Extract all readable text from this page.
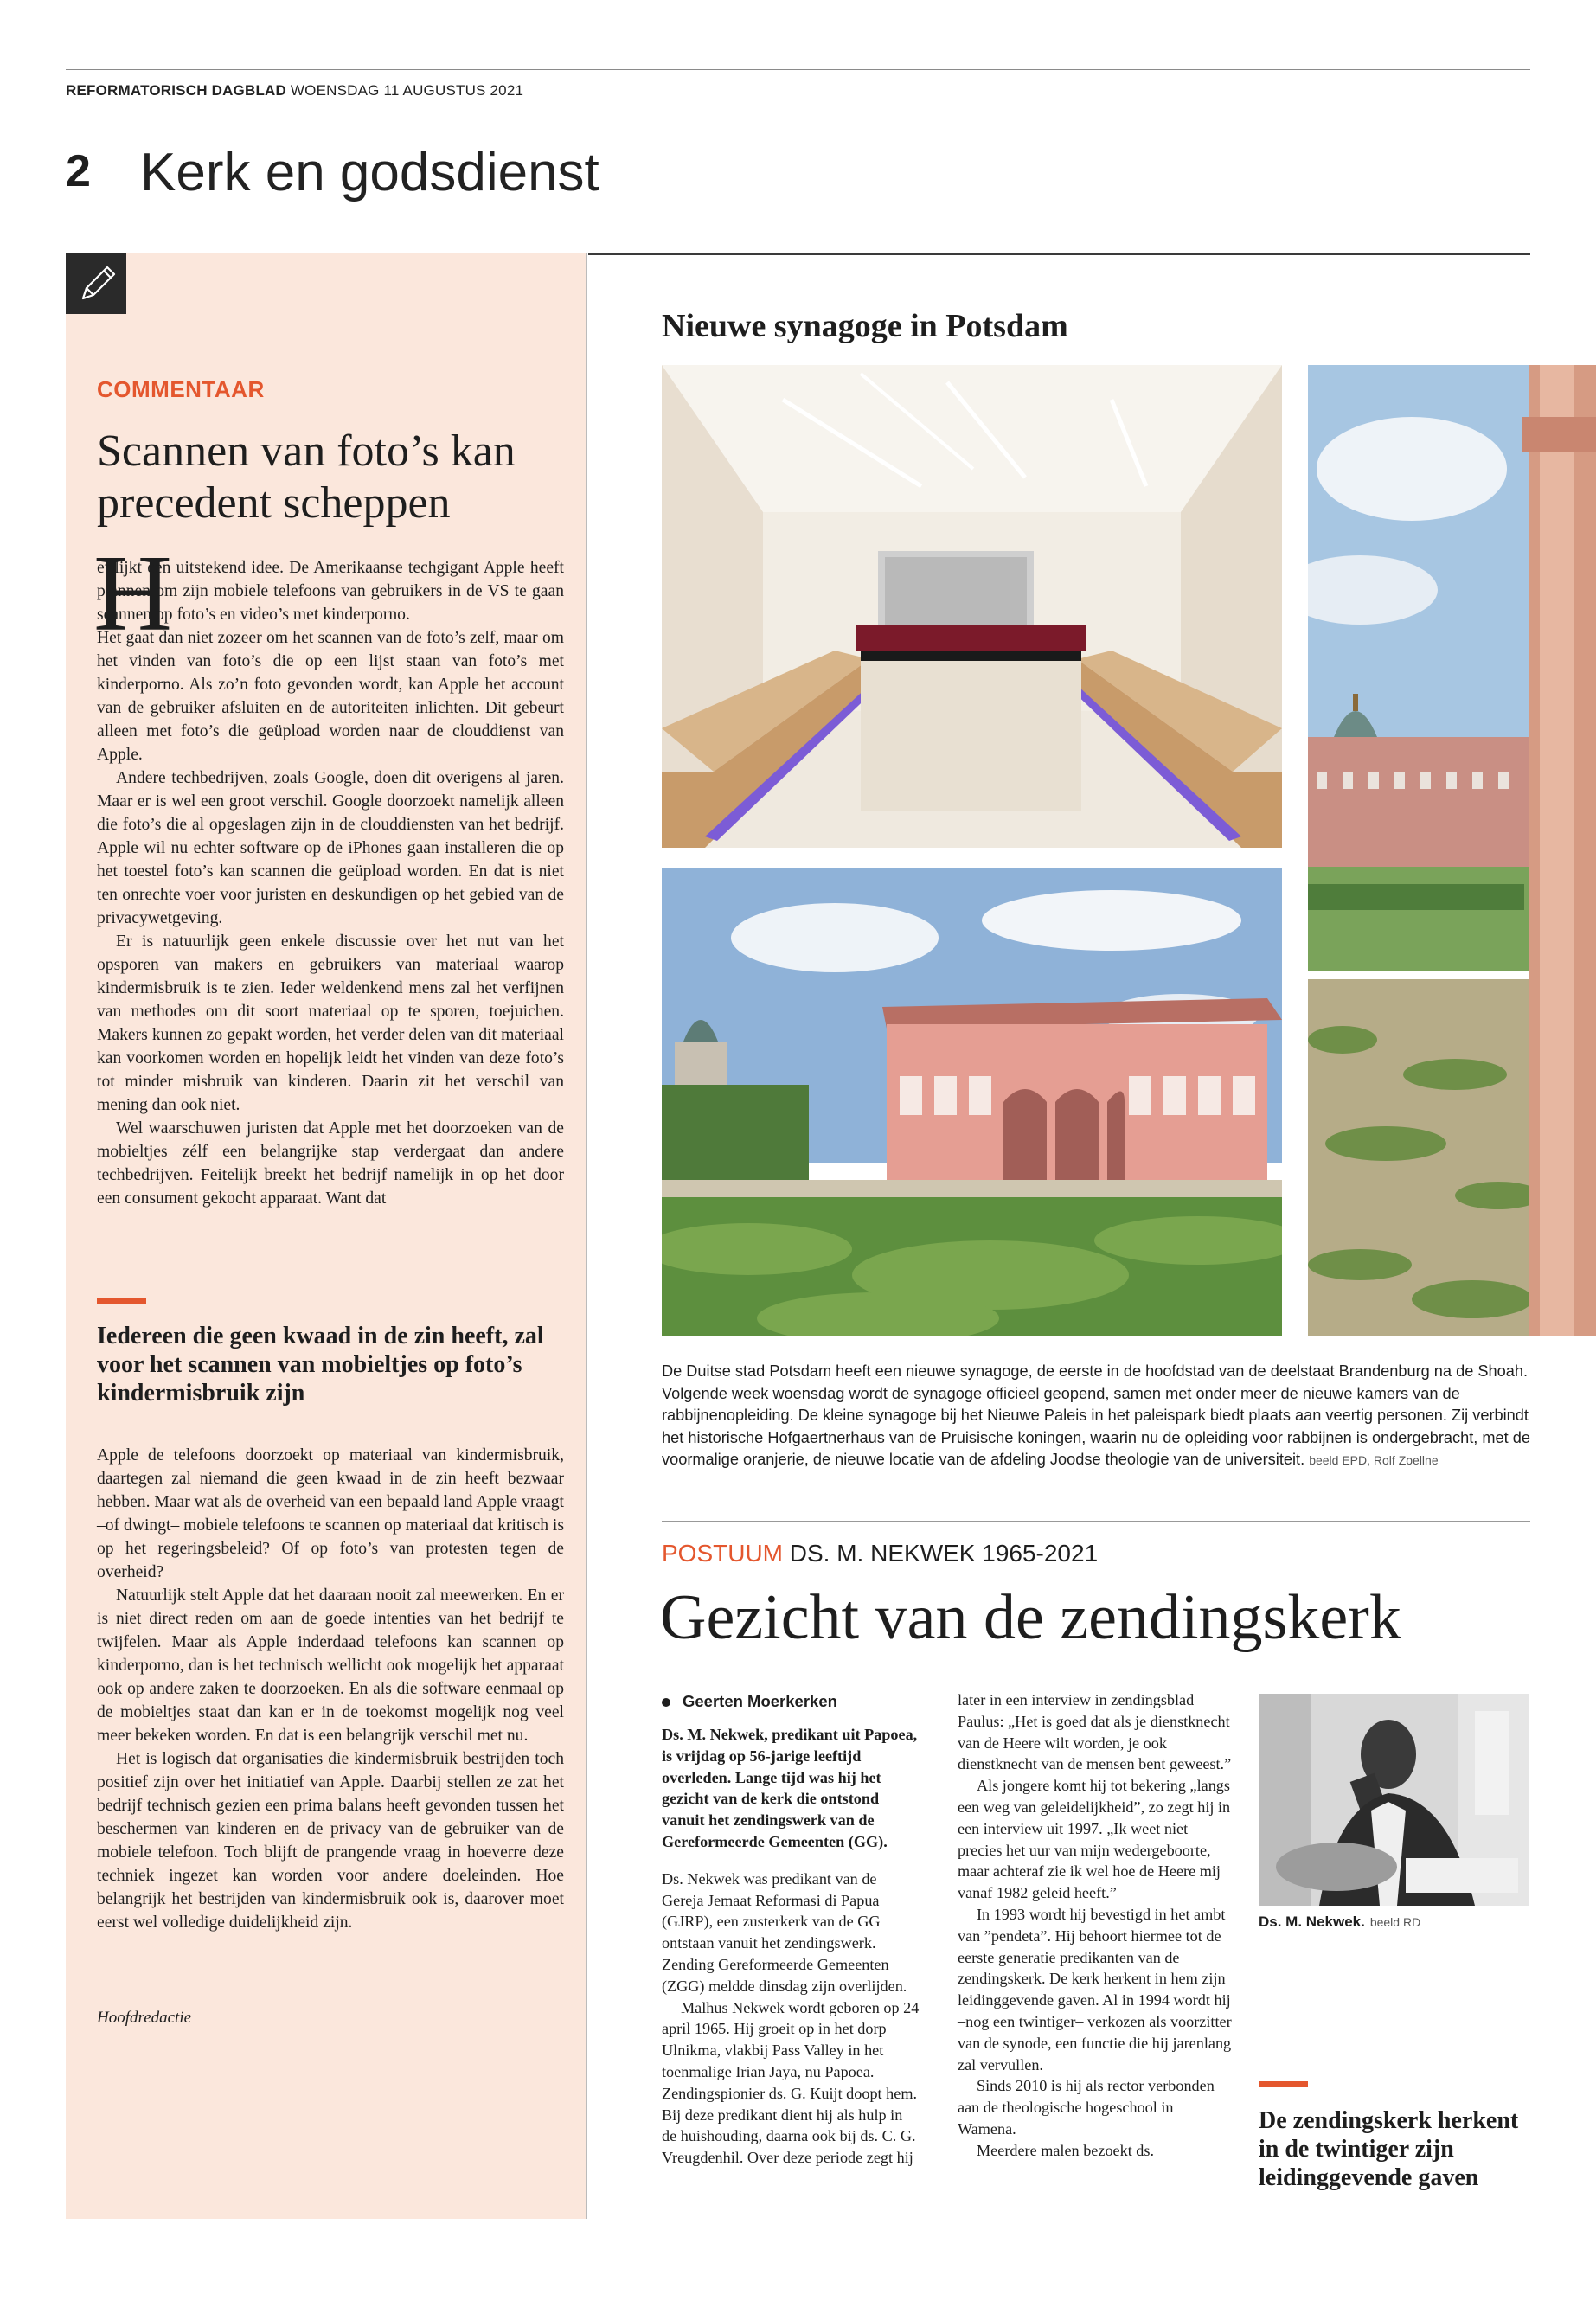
REFORMATORISCH DAGBLAD WOENSDAG 11 AUGUSTUS 2021
2 Kerk en godsdienst
COMMENTAAR
Scannen van foto’s kan precedent scheppen
H

et lijkt een uitstekend idee. De Amerikaanse techgigant Apple heeft plannen om zijn mobiele telefoons van gebruikers in de VS te gaan scannen op foto’s en video’s met kinderporno.

Het gaat dan niet zozeer om het scannen van de foto’s zelf, maar om het vinden van foto’s die op een lijst staan van foto’s met kinderporno. Als zo’n foto gevonden wordt, kan Apple het account van de gebruiker afsluiten en de autoriteiten inlichten. Dit gebeurt alleen met foto’s die geüpload worden naar de clouddienst van Apple.

Andere techbedrijven, zoals Google, doen dit overigens al jaren. Maar er is wel een groot verschil. Google doorzoekt namelijk alleen die foto’s die al opgeslagen zijn in de clouddiensten van het bedrijf. Apple wil nu echter software op de iPhones gaan installeren die op het toestel foto’s kan scannen die geüpload worden. En dat is niet ten onrechte voer voor juristen en deskundigen op het gebied van de privacywetgeving.

Er is natuurlijk geen enkele discussie over het nut van het opsporen van makers en gebruikers van materiaal waarop kindermisbruik is te zien. Ieder weldenkend mens zal het verfijnen van methodes om dit soort materiaal op te sporen, toejuichen. Makers kunnen zo gepakt worden, het verder delen van dit materiaal kan voorkomen worden en hopelijk leidt het vinden van deze foto’s tot minder misbruik van kinderen. Daarin zit het verschil van mening dan ook niet.

Wel waarschuwen juristen dat Apple met het doorzoeken van de mobieltjes zélf een belangrijke stap verdergaat dan andere techbedrijven. Feitelijk breekt het bedrijf namelijk in op het door een consument gekocht apparaat. Want dat

Iedereen die geen kwaad in de zin heeft, zal voor het scannen van mobieltjes op foto’s kindermisbruik zijn

Apple de telefoons doorzoekt op materiaal van kindermisbruik, daartegen zal niemand die geen kwaad in de zin heeft bezwaar hebben. Maar wat als de overheid van een bepaald land Apple vraagt –of dwingt– mobiele telefoons te scannen op materiaal dat kritisch is op het regeringsbeleid? Of op foto’s van protesten tegen de overheid?

Natuurlijk stelt Apple dat het daaraan nooit zal meewerken. En er is niet direct reden om aan de goede intenties van het bedrijf te twijfelen. Maar als Apple inderdaad telefoons kan scannen op kinderporno, dan is het technisch wellicht ook mogelijk het apparaat ook op andere zaken te doorzoeken. En als die software eenmaal op de mobieltjes staat dan kan er in de toekomst mogelijk nog veel meer bekeken worden. En dat is een belangrijk verschil met nu.

Het is logisch dat organisaties die kindermisbruik bestrijden toch positief zijn over het initiatief van Apple. Daarbij stellen ze zat het bedrijf technisch gezien een prima balans heeft gevonden tussen het beschermen van kinderen en de privacy van de gebruiker van de mobiele telefoon. Toch blijft de prangende vraag in hoeverre deze techniek ingezet kan worden voor andere doeleinden. Hoe belangrijk het bestrijden van kindermisbruik ook is, daarover moet eerst wel volledige duidelijkheid zijn.

Hoofdredactie
Nieuwe synagoge in Potsdam
De Duitse stad Potsdam heeft een nieuwe synagoge, de eerste in de hoofdstad van de deelstaat Brandenburg na de Shoah. Volgende week woensdag wordt de synagoge officieel geopend, samen met onder meer de nieuwe kamers van de rabbijnenopleiding. De kleine synagoge bij het Nieuwe Paleis in het paleispark biedt plaats aan veertig personen. Zij verbindt het historische Hofgaertnerhaus van de Pruisische koningen, waarin nu de opleiding voor rabbijnen is ondergebracht, met de voormalige oranjerie, de nieuwe locatie van de afdeling Joodse theologie van de universiteit. beeld EPD, Rolf Zoellne
POSTUUM DS. M. NEKWEK 1965-2021
Gezicht van de zendingskerk
Geerten Moerkerken

Ds. M. Nekwek, predikant uit Papoea, is vrijdag op 56-jarige leeftijd overleden. Lange tijd was hij het gezicht van de kerk die ontstond vanuit het zendingswerk van de Gereformeerde Gemeenten (GG).

Ds. Nekwek was predikant van de Gereja Jemaat Reformasi di Papua (GJRP), een zusterkerk van de GG ontstaan vanuit het zendingswerk. Zending Gereformeerde Gemeenten (ZGG) meldde dinsdag zijn overlijden.

Malhus Nekwek wordt geboren op 24 april 1965. Hij groeit op in het dorp Ulnikma, vlakbij Pass Valley in het toenmalige Irian Jaya, nu Papoea. Zendingspionier ds. G. Kuijt doopt hem. Bij deze predikant dient hij als hulp in de huishouding, daarna ook bij ds. C. G. Vreugdenhil. Over deze periode zegt hij

later in een interview in zendingsblad Paulus: „Het is goed dat als je dienstknecht van de Heere wilt worden, je ook dienstknecht van de mensen bent geweest.”

Als jongere komt hij tot bekering „langs een weg van geleidelijkheid”, zo zegt hij in een interview uit 1997. „Ik weet niet precies het uur van mijn wedergeboorte, maar achteraf zie ik wel hoe de Heere mij vanaf 1982 geleid heeft.”

In 1993 wordt hij bevestigd in het ambt van ”pendeta”. Hij behoort hiermee tot de eerste generatie predikanten van de zendingskerk. De kerk herkent in hem zijn leidinggevende gaven. Al in 1994 wordt hij –nog een twintiger– verkozen als voorzitter van de synode, een functie die hij jarenlang zal vervullen.

Sinds 2010 is hij als rector verbonden aan de theologische hogeschool in Wamena.

Meerdere malen bezoekt ds.

Ds. M. Nekwek. beeld RD
De zendingskerk herkent in de twintiger zijn leidinggevende gaven
